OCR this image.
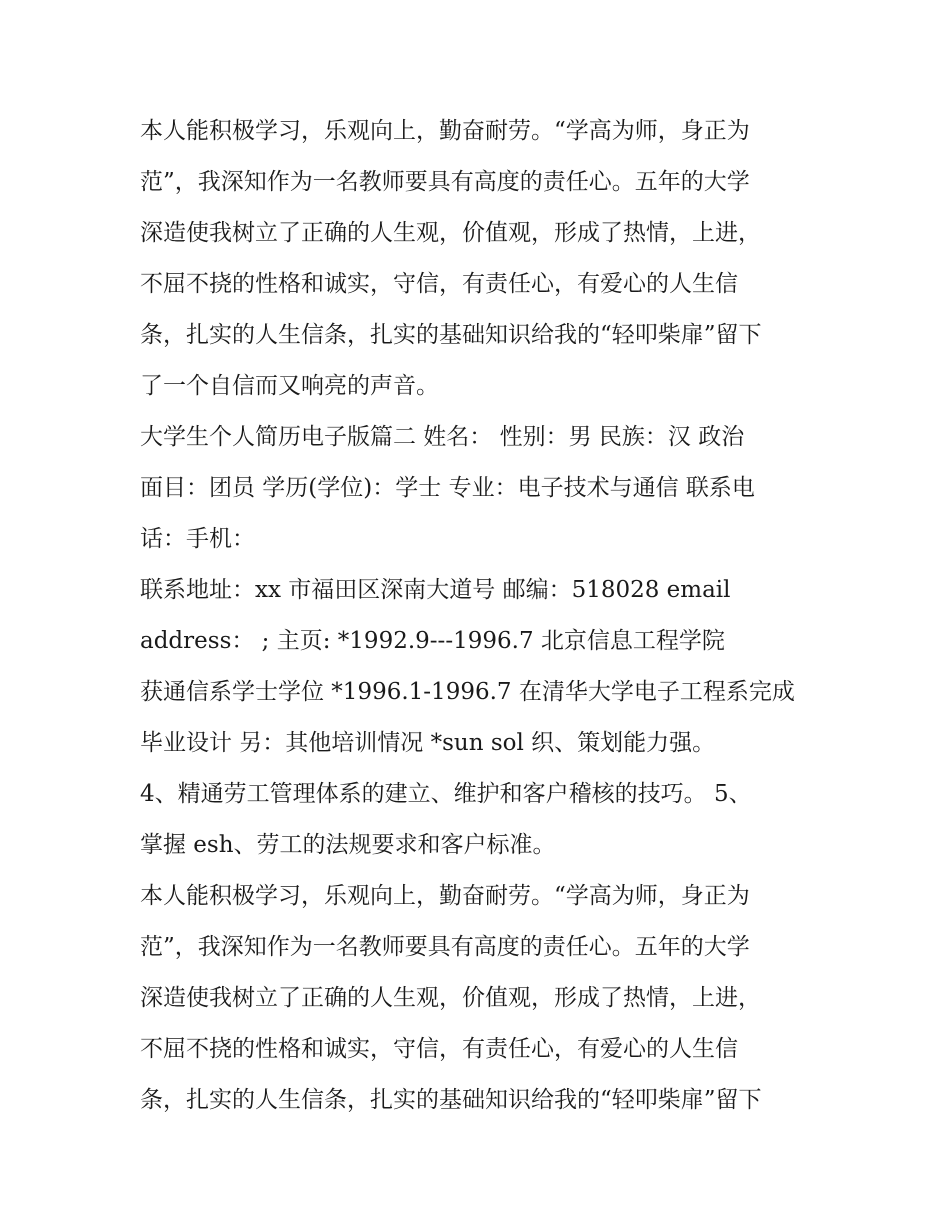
本人能积极学习，乐观向上，勤奋耐劳。“学高为师，身正为
范”，我深知作为一名教师要具有高度的责任心。五年的大学
深造使我树立了正确的人生观，价值观，形成了热情，上进，
不屈不挠的性格和诚实，守信，有责任心，有爱心的人生信
条，扎实的人生信条，扎实的基础知识给我的“轻叩柴扉”留下
了一个自信而又响亮的声音。
大学生个人简历电子版篇二 姓名： 性别：男 民族：汉 政治
面目：团员 学历(学位)：学士 专业：电子技术与通信 联系电
话：手机：
联系地址：xx 市福田区深南大道号 邮编：518028 email
address： ; 主页: *1992.9---1996.7 北京信息工程学院
获通信系学士学位 *1996.1-1996.7 在清华大学电子工程系完成
毕业设计 另：其他培训情况 *sun sol 织、策划能力强。
4、精通劳工管理体系的建立、维护和客户稽核的技巧。 5、
掌握 esh、劳工的法规要求和客户标准。
本人能积极学习，乐观向上，勤奋耐劳。“学高为师，身正为
范”，我深知作为一名教师要具有高度的责任心。五年的大学
深造使我树立了正确的人生观，价值观，形成了热情，上进，
不屈不挠的性格和诚实，守信，有责任心，有爱心的人生信
条，扎实的人生信条，扎实的基础知识给我的“轻叩柴扉”留下
